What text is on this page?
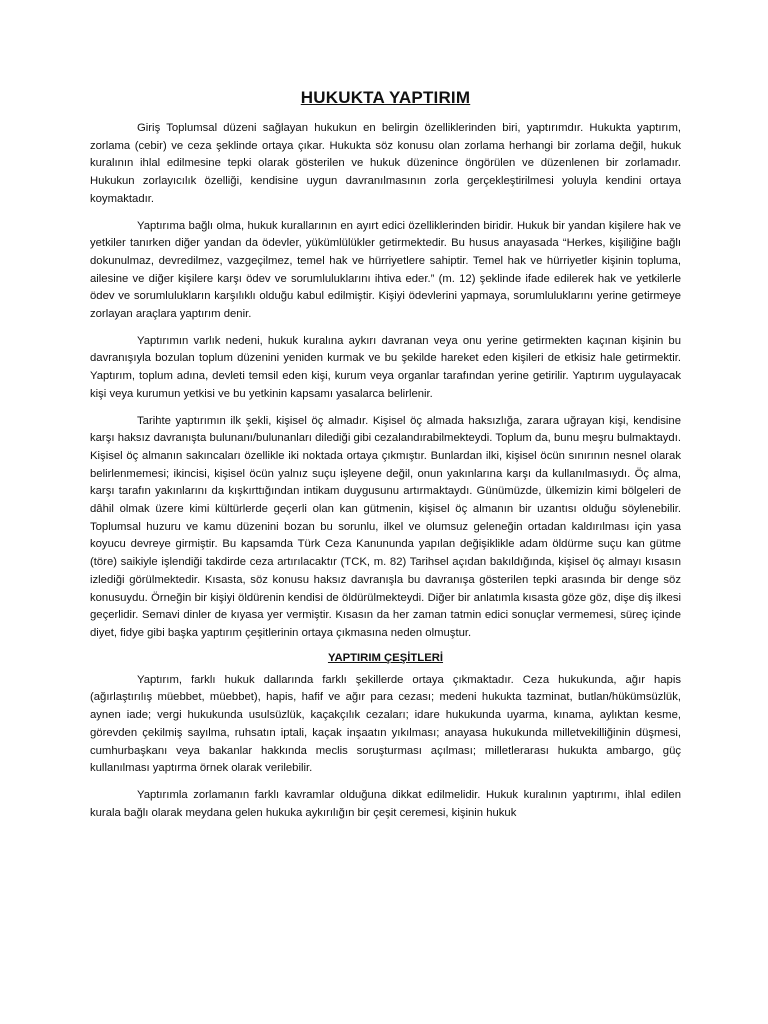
HUKUKTA YAPTIRIM

Giriş Toplumsal düzeni sağlayan hukukun en belirgin özelliklerinden biri, yaptırımdır. Hukukta yaptırım, zorlama (cebir) ve ceza şeklinde ortaya çıkar. Hukukta söz konusu olan zorlama herhangi bir zorlama değil, hukuk kuralının ihlal edilmesine tepki olarak gösterilen ve hukuk düzenince öngörülen ve düzenlenen bir zorlamadır. Hukukun zorlayıcılık özelliği, kendisine uygun davranılmasının zorla gerçekleştirilmesi yoluyla kendini ortaya koymaktadır.

Yaptırıma bağlı olma, hukuk kurallarının en ayırt edici özelliklerinden biridir. Hukuk bir yandan kişilere hak ve yetkiler tanırken diğer yandan da ödevler, yükümlülükler getirmektedir. Bu husus anayasada “Herkes, kişiliğine bağlı dokunulmaz, devredilmez, vazgeçilmez, temel hak ve hürriyetlere sahiptir. Temel hak ve hürriyetler kişinin topluma, ailesine ve diğer kişilere karşı ödev ve sorumluluklarını ihtiva eder.” (m. 12) şeklinde ifade edilerek hak ve yetkilerle ödev ve sorumlulukların karşılıklı olduğu kabul edilmiştir. Kişiyi ödevlerini yapmaya, sorumluluklarını yerine getirmeye zorlayan araçlara yaptırım denir.

Yaptırımın varlık nedeni, hukuk kuralına aykırı davranan veya onu yerine getirmekten kaçınan kişinin bu davranışıyla bozulan toplum düzenini yeniden kurmak ve bu şekilde hareket eden kişileri de etkisiz hale getirmektir. Yaptırım, toplum adına, devleti temsil eden kişi, kurum veya organlar tarafından yerine getirilir. Yaptırım uygulayacak kişi veya kurumun yetkisi ve bu yetkinin kapsamı yasalarca belirlenir.

Tarihte yaptırımın ilk şekli, kişisel öç almadır. Kişisel öç almada haksızlığa, zarara uğrayan kişi, kendisine karşı haksız davranışta bulunanı/bulunanları dilediği gibi cezalandırabilmekteydi. Toplum da, bunu meşru bulmaktaydı. Kişisel öç almanın sakıncaları özellikle iki noktada ortaya çıkmıştır. Bunlardan ilki, kişisel öcün sınırının nesnel olarak belirlenmemesi; ikincisi, kişisel öcün yalnız suçu işleyene değil, onun yakınlarına karşı da kullanılmasıydı. Öç alma, karşı tarafın yakınlarını da kışkırttığından intikam duygusunu artırmaktaydı. Günümüzde, ülkemizin kimi bölgeleri de dâhil olmak üzere kimi kültürlerde geçerli olan kan gütmenin, kişisel öç almanın bir uzantısı olduğu söylenebilir. Toplumsal huzuru ve kamu düzenini bozan bu sorunlu, ilkel ve olumsuz geleneğin ortadan kaldırılması için yasa koyucu devreye girmiştir. Bu kapsamda Türk Ceza Kanununda yapılan değişiklikle adam öldürme suçu kan gütme (töre) saikiyle işlendiği takdirde ceza artırılacaktır (TCK, m. 82) Tarihsel açıdan bakıldığında, kişisel öç almayı kısasın izlediği görülmektedir. Kısasta, söz konusu haksız davranışla bu davranışa gösterilen tepki arasında bir denge söz konusuydu. Örneğin bir kişiyi öldürenin kendisi de öldürülmekteydi. Diğer bir anlatımla kısasta göze göz, dişe diş ilkesi geçerlidir. Semavi dinler de kıyasa yer vermiştir. Kısasın da her zaman tatmin edici sonuçlar vermemesi, süreç içinde diyet, fidye gibi başka yaptırım çeşitlerinin ortaya çıkmasına neden olmuştur.

YAPTIRIM ÇEŞİTLERİ

Yaptırım, farklı hukuk dallarında farklı şekillerde ortaya çıkmaktadır. Ceza hukukunda, ağır hapis (ağırlaştırılış müebbet, müebbet), hapis, hafif ve ağır para cezası; medeni hukukta tazminat, butlan/hükümsüzlük, aynen iade; vergi hukukunda usulsüzlük, kaçakçılık cezaları; idare hukukunda uyarma, kınama, aylıktan kesme, görevden çekilmiş sayılma, ruhsatın iptali, kaçak inşaatın yıkılması; anayasa hukukunda milletvekilliğinin düşmesi, cumhurbaşkanı veya bakanlar hakkında meclis soruşturması açılması; milletlerarası hukukta ambargo, güç kullanılması yaptırma örnek olarak verilebilir.

Yaptırımla zorlamanın farklı kavramlar olduğuna dikkat edilmelidir. Hukuk kuralının yaptırımı, ihlal edilen kurala bağlı olarak meydana gelen hukuka aykırılığın bir çeşit ceremesi, kişinin hukuk
